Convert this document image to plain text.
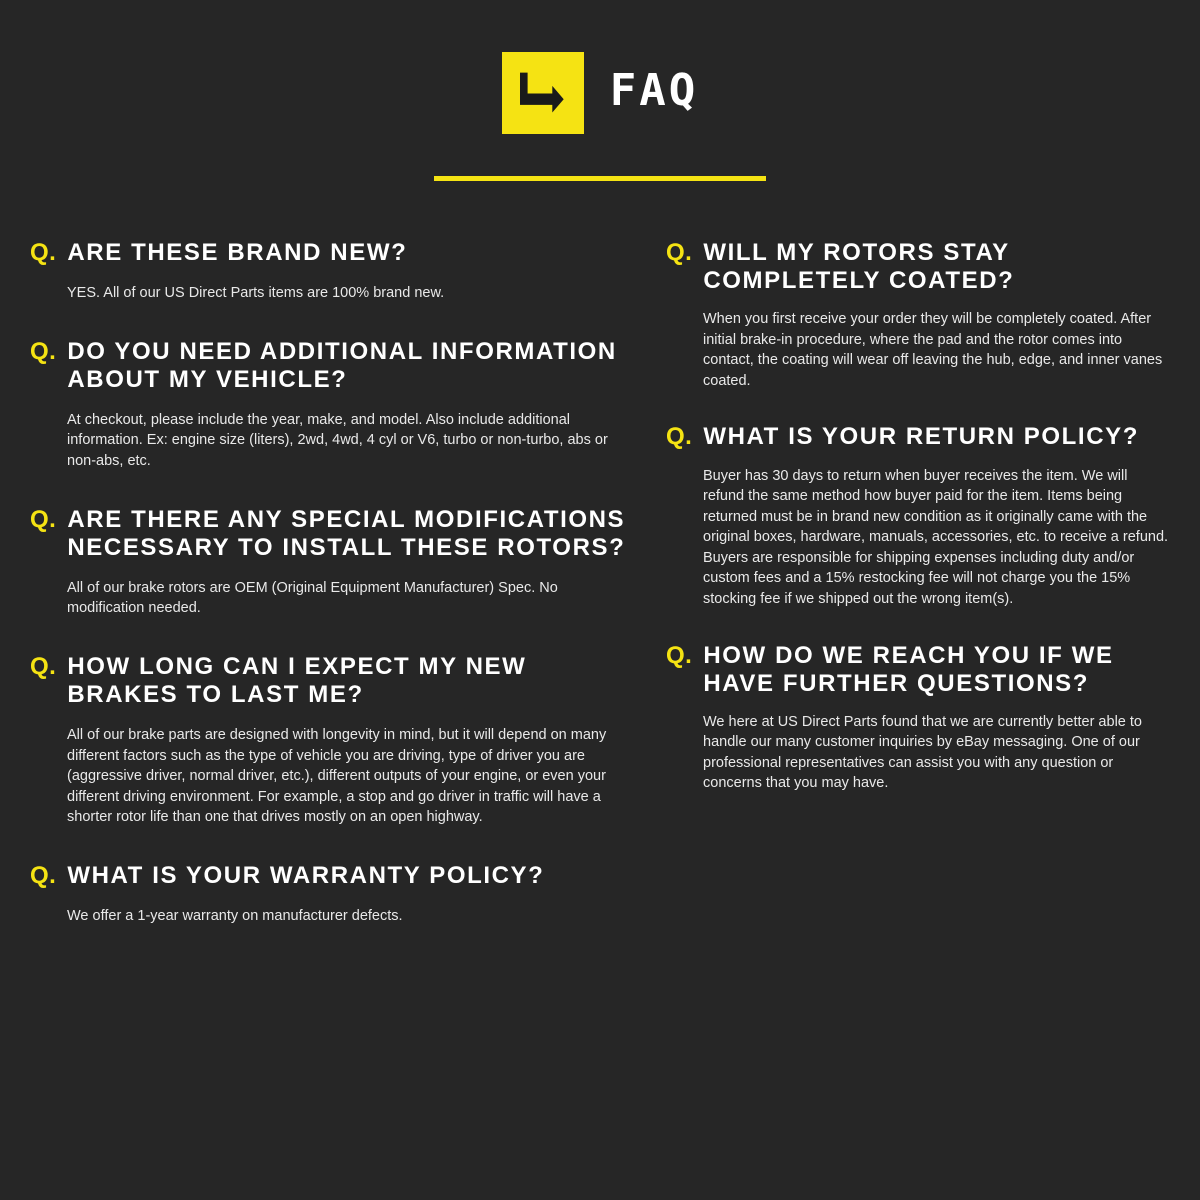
FAQ
Q. ARE THESE BRAND NEW?
YES. All of our US Direct Parts items are 100% brand new.
Q. DO YOU NEED ADDITIONAL INFORMATION ABOUT MY VEHICLE?
At checkout, please include the year, make, and model. Also include additional information. Ex: engine size (liters), 2wd, 4wd, 4 cyl or V6, turbo or non-turbo, abs or non-abs, etc.
Q. ARE THERE ANY SPECIAL MODIFICATIONS NECESSARY TO INSTALL THESE ROTORS?
All of our brake rotors are OEM (Original Equipment Manufacturer) Spec. No modification needed.
Q. HOW LONG CAN I EXPECT MY NEW BRAKES TO LAST ME?
All of our brake parts are designed with longevity in mind, but it will depend on many different factors such as the type of vehicle you are driving, type of driver you are (aggressive driver, normal driver, etc.), different outputs of your engine, or even your different driving environment. For example, a stop and go driver in traffic will have a shorter rotor life than one that drives mostly on an open highway.
Q. WHAT IS YOUR WARRANTY POLICY?
We offer a 1-year warranty on manufacturer defects.
Q. WILL MY ROTORS STAY COMPLETELY COATED?
When you first receive your order they will be completely coated. After initial brake-in procedure, where the pad and the rotor comes into contact, the coating will wear off leaving the hub, edge, and inner vanes coated.
Q. WHAT IS YOUR RETURN POLICY?
Buyer has 30 days to return when buyer receives the item. We will refund the same method how buyer paid for the item. Items being returned must be in brand new condition as it originally came with the original boxes, hardware, manuals, accessories, etc. to receive a refund. Buyers are responsible for shipping expenses including duty and/or custom fees and a 15% restocking fee will not charge you the 15% stocking fee if we shipped out the wrong item(s).
Q. HOW DO WE REACH YOU IF WE HAVE FURTHER QUESTIONS?
We here at US Direct Parts found that we are currently better able to handle our many customer inquiries by eBay messaging. One of our professional representatives can assist you with any question or concerns that you may have.
